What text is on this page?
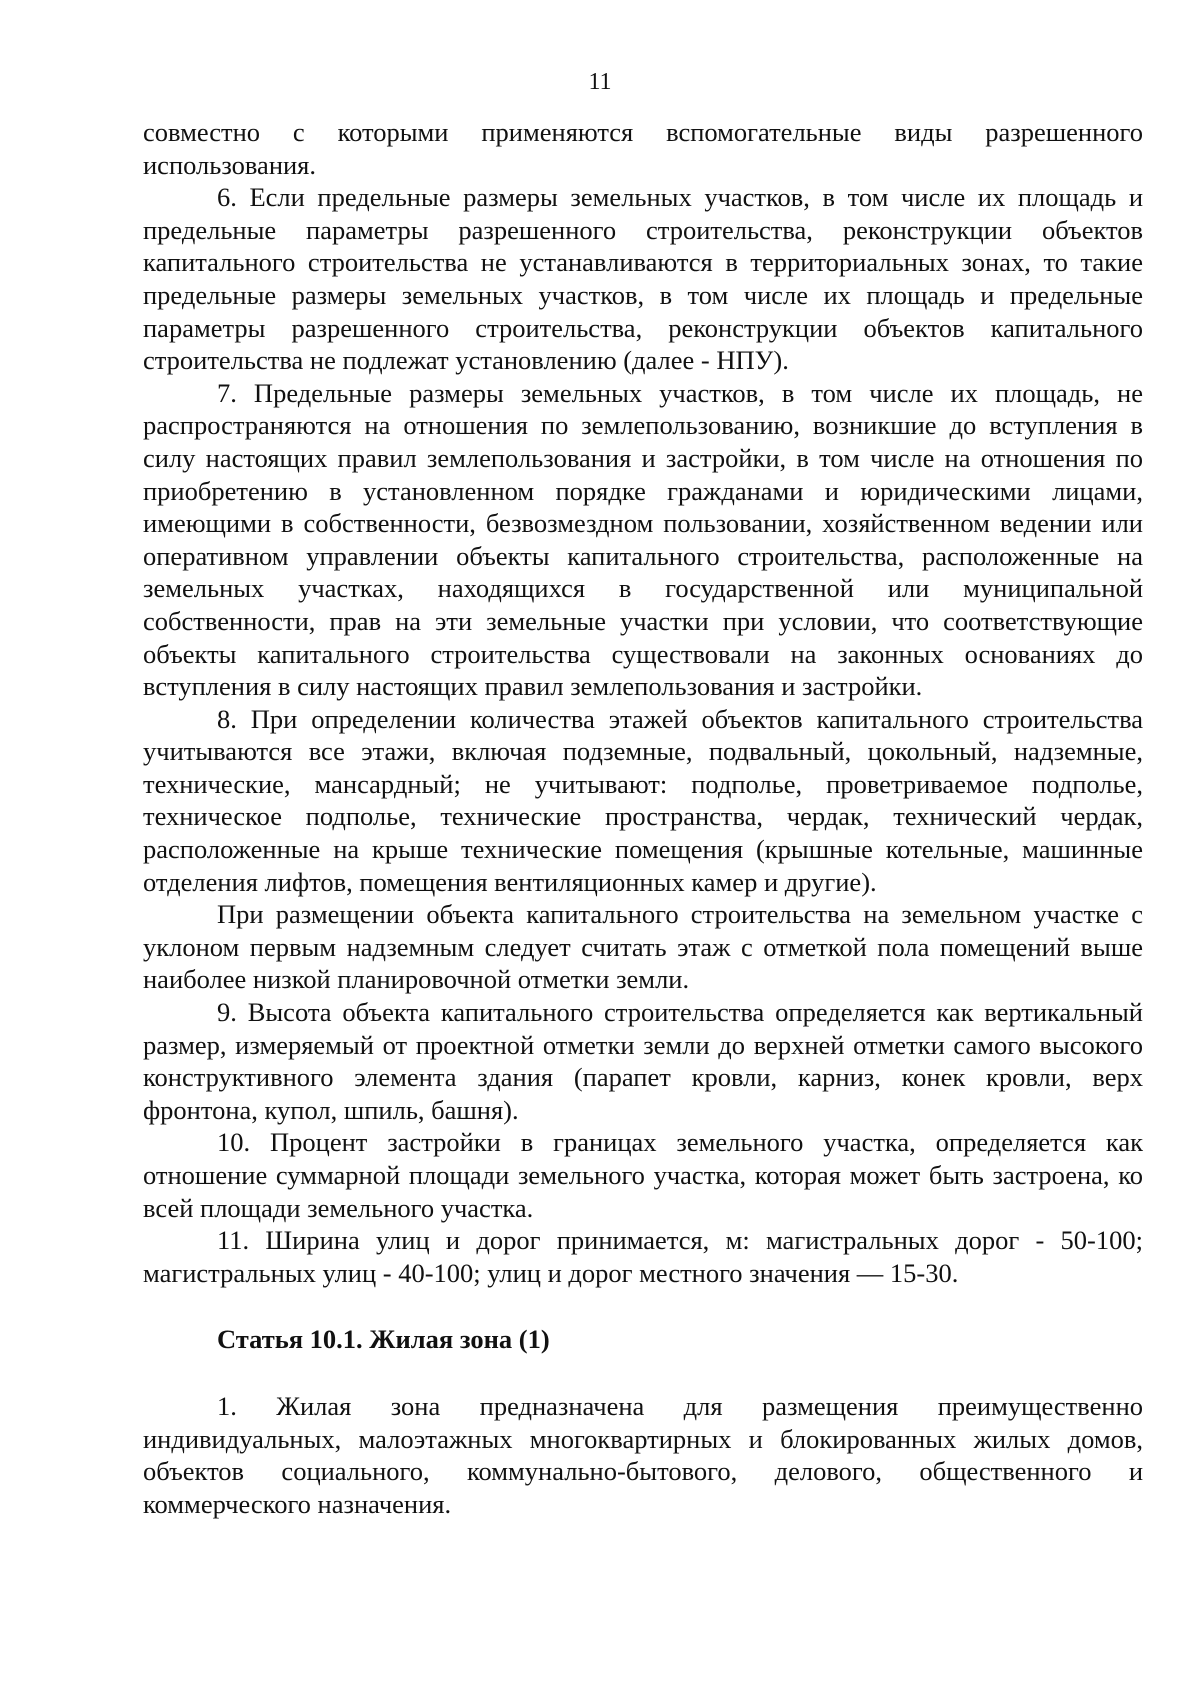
11

совместно с которыми применяются вспомогательные виды разрешенного использования.

6. Если предельные размеры земельных участков, в том числе их площадь и предельные параметры разрешенного строительства, реконструкции объектов капитального строительства не устанавливаются в территориальных зонах, то такие предельные размеры земельных участков, в том числе их площадь и предельные параметры разрешенного строительства, реконструкции объектов капитального строительства не подлежат установлению (далее - НПУ).

7. Предельные размеры земельных участков, в том числе их площадь, не распространяются на отношения по землепользованию, возникшие до вступления в силу настоящих правил землепользования и застройки, в том числе на отношения по приобретению в установленном порядке гражданами и юридическими лицами, имеющими в собственности, безвозмездном пользовании, хозяйственном ведении или оперативном управлении объекты капитального строительства, расположенные на земельных участках, находящихся в государственной или муниципальной собственности, прав на эти земельные участки при условии, что соответствующие объекты капитального строительства существовали на законных основаниях до вступления в силу настоящих правил землепользования и застройки.

8. При определении количества этажей объектов капитального строительства учитываются все этажи, включая подземные, подвальный, цокольный, надземные, технические, мансардный; не учитывают: подполье, проветриваемое подполье, техническое подполье, технические пространства, чердак, технический чердак, расположенные на крыше технические помещения (крышные котельные, машинные отделения лифтов, помещения вентиляционных камер и другие).

При размещении объекта капитального строительства на земельном участке с уклоном первым надземным следует считать этаж с отметкой пола помещений выше наиболее низкой планировочной отметки земли.

9. Высота объекта капитального строительства определяется как вертикальный размер, измеряемый от проектной отметки земли до верхней отметки самого высокого конструктивного элемента здания (парапет кровли, карниз, конек кровли, верх фронтона, купол, шпиль, башня).

10. Процент застройки в границах земельного участка, определяется как отношение суммарной площади земельного участка, которая может быть застроена, ко всей площади земельного участка.

11. Ширина улиц и дорог принимается, м: магистральных дорог - 50-100; магистральных улиц - 40-100; улиц и дорог местного значения — 15-30.

Статья 10.1. Жилая зона (1)

1. Жилая зона предназначена для размещения преимущественно индивидуальных, малоэтажных многоквартирных и блокированных жилых домов, объектов социального, коммунально-бытового, делового, общественного и коммерческого назначения.
